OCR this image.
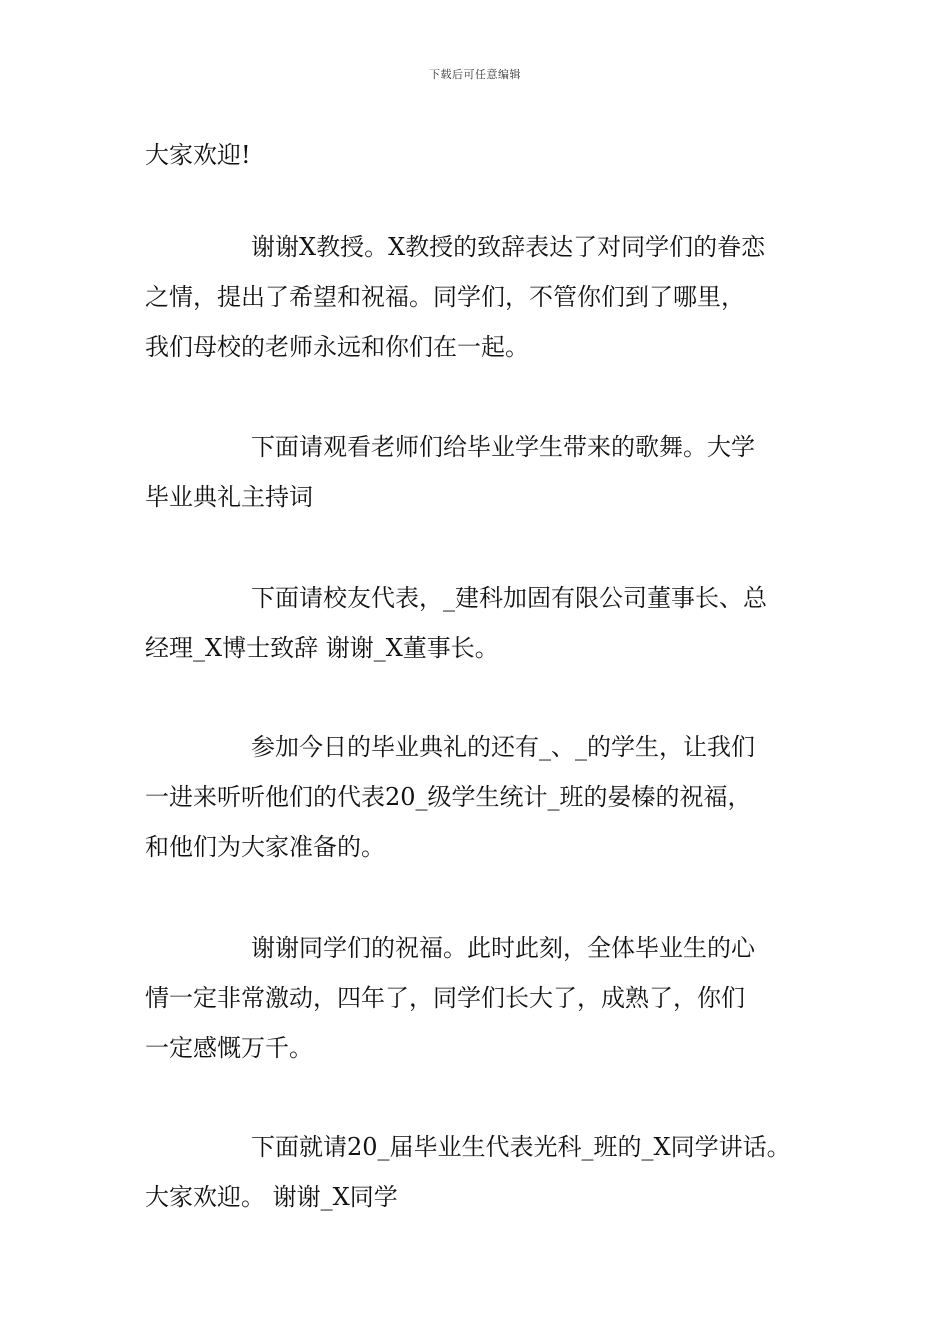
下载后可任意编辑
大家欢迎!
谢谢X教授。X教授的致辞表达了对同学们的眷恋
之情，提出了希望和祝福。同学们，不管你们到了哪里，
我们母校的老师永远和你们在一起。
下面请观看老师们给毕业学生带来的歌舞。大学
毕业典礼主持词
下面请校友代表，_建科加固有限公司董事长、总
经理_X博士致辞 谢谢_X董事长。
参加今日的毕业典礼的还有_、_的学生，让我们
一进来听听他们的代表20_级学生统计_班的晏榛的祝福，
和他们为大家准备的。
谢谢同学们的祝福。此时此刻，全体毕业生的心
情一定非常激动，四年了，同学们长大了，成熟了，你们
一定感慨万千。
下面就请20_届毕业生代表光科_班的_X同学讲话。
大家欢迎。 谢谢_X同学
